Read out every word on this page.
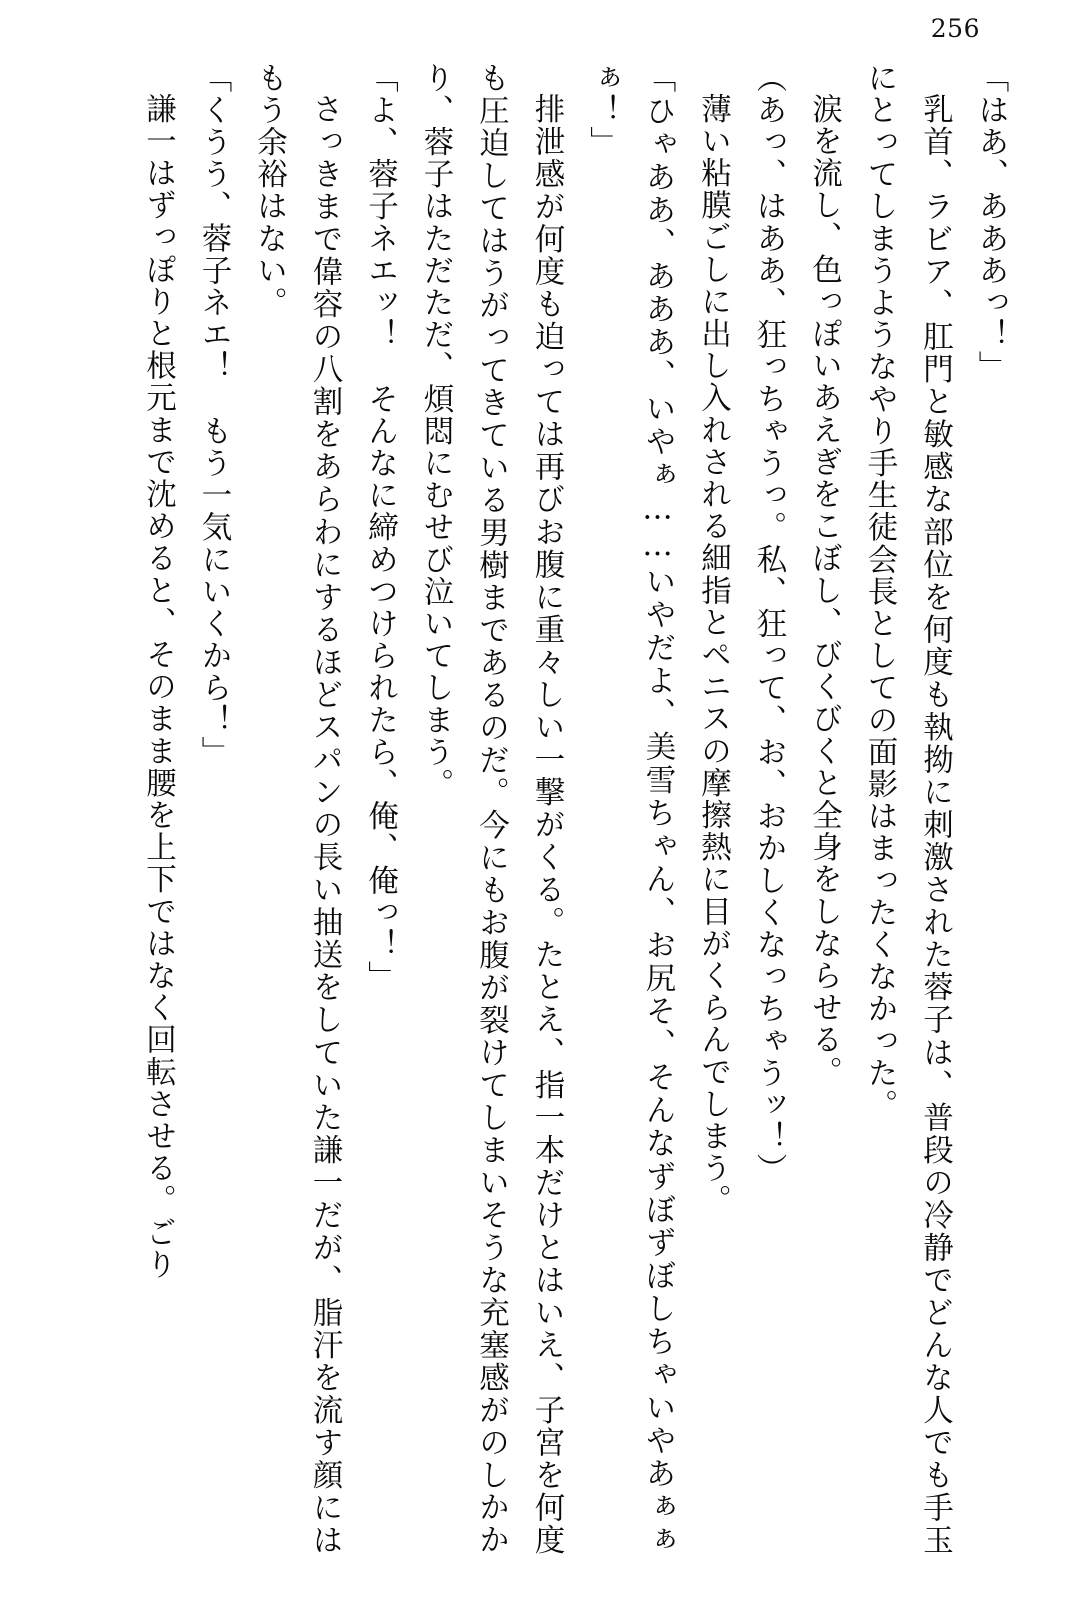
256

「はあ、あああっ！」

乳首、ラビア、肛門と敏感な部位を何度も執拗に刺激された蓉子は、普段の冷静でどんな人でも手玉にとってしまうようなやり手生徒会長としての面影はまったくなかった。

涙を流し、色っぽいあえぎをこぼし、びくびくと全身をしならせる。

（あっ、はああ、狂っちゃうっ。私、狂って、お、おかしくなっちゃうッ！）

薄い粘膜ごしに出し入れされる細指とペニスの摩擦熱に目がくらんでしまう。

「ひゃああ、あああ、いやぁ……いやだよ、美雪ちゃん、お尻そ、そんなずぼずぼしちゃいやあぁぁぁ！」

排泄感が何度も迫っては再びお腹に重々しい一撃がくる。たとえ、指一本だけとはいえ、子宮を何度も圧迫してはうがってきている男樹まであるのだ。今にもお腹が裂けてしまいそうな充塞感がのしかかり、蓉子はただただ、煩悶にむせび泣いてしまう。

「よ、蓉子ネエッ！　そんなに締めつけられたら、俺、俺っ！」

さっきまで偉容の八割をあらわにするほどスパンの長い抽送をしていた謙一だが、脂汗を流す顔にはもう余裕はない。

「くうう、蓉子ネエ！　もう一気にいくから！」

謙一はずっぽりと根元まで沈めると、そのまま腰を上下ではなく回転させる。ごり
